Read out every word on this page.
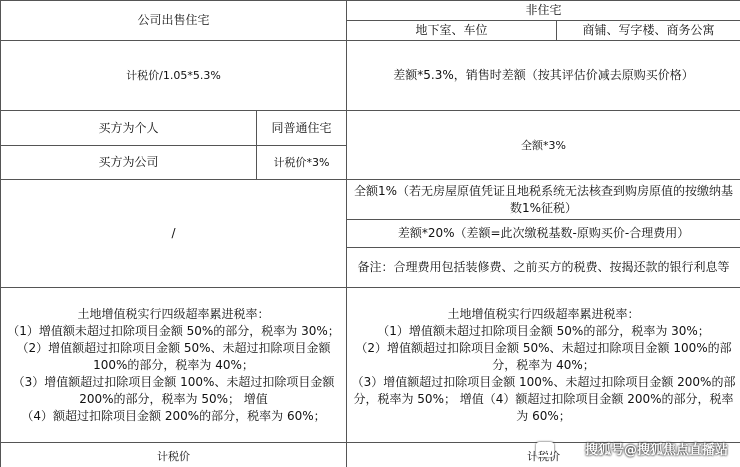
公司出售住宅		非住宅	
		地下室、车位	商铺、写字楼、商务公寓
计税价/1.05*5.3%		差额*5.3%，销售时差额（按其评估价减去原购买价格）	
买方为个人	同普通住宅	全额*3%	
买方为公司	计税价*3%		
/		全额1%（若无房屋原值凭证且地税系统无法核查到购房原值的按缴纳基数1%征税）	
		差额*20%（差额=此次缴税基数-原购买价-合理费用）	
		备注：合理费用包括装修费、之前买方的税费、按揭还款的银行利息等	
土地增值税实行四级超率累进税率：
（1）增值额未超过扣除项目金额 50%的部分，税率为 30%；
（2）增值额超过扣除项目金额 50%、未超过扣除项目金额 100%的部分，税率为 40%；
（3）增值额超过扣除项目金额 100%、未超过扣除项目金额 200%的部分，税率为 50%； 增值
（4）额超过扣除项目金额 200%的部分，税率为 60%；		土地增值税实行四级超率累进税率：
（1）增值额未超过扣除项目金额 50%的部分，税率为 30%；
（2）增值额超过扣除项目金额 50%、未超过扣除项目金额 100%的部分，税率为 40%；
（3）增值额超过扣除项目金额 100%、未超过扣除项目金额 200%的部分，税率为 50%； 增值（4）额超过扣除项目金额 200%的部分，税率为 60%；	
计税价		计税价	搜狐号@搜狐焦点直播站
